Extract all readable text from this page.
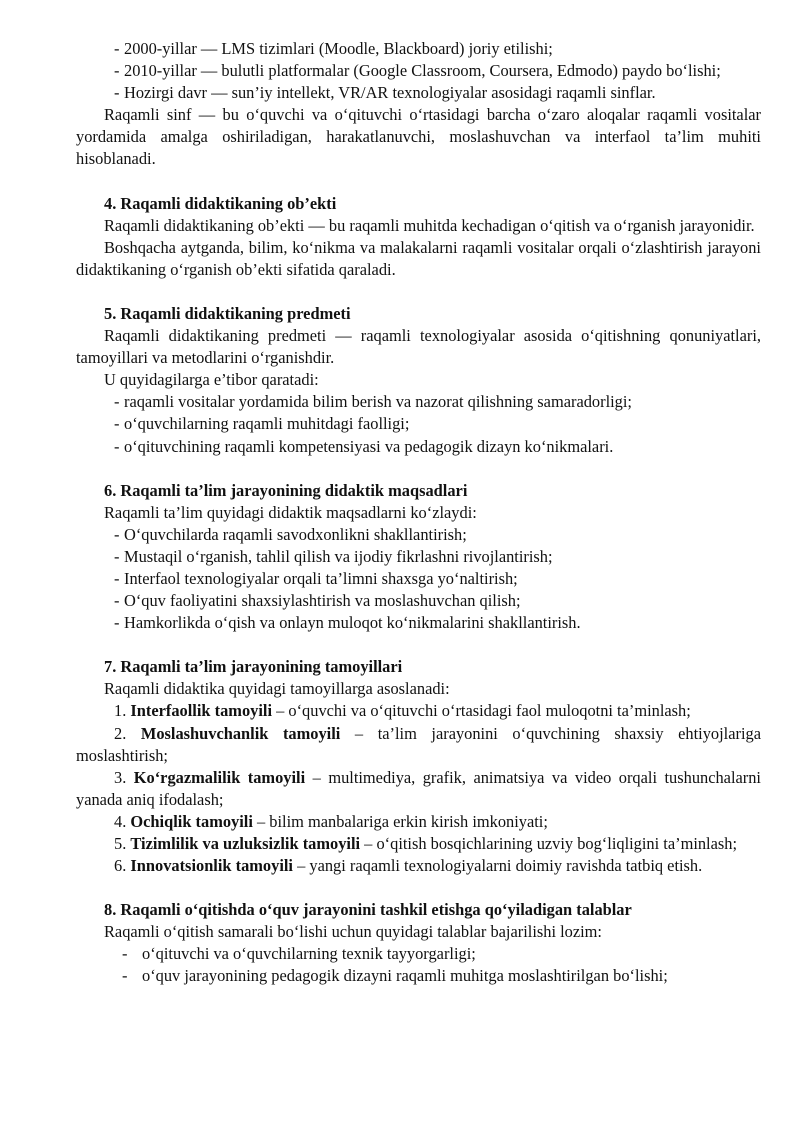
- 2000-yillar — LMS tizimlari (Moodle, Blackboard) joriy etilishi;

- 2010-yillar — bulutli platformalar (Google Classroom, Coursera, Edmodo) paydo bo‘lishi;

- Hozirgi davr — sun’iy intellekt, VR/AR texnologiyalar asosidagi raqamli sinflar.

Raqamli sinf — bu o‘quvchi va o‘qituvchi o‘rtasidagi barcha o‘zaro aloqalar raqamli vositalar yordamida amalga oshiriladigan, harakatlanuvchi, moslashuvchan va interfaol ta’lim muhiti hisoblanadi.

4. Raqamli didaktikaning ob’ekti

Raqamli didaktikaning ob’ekti — bu raqamli muhitda kechadigan o‘qitish va o‘rganish jarayonidir.

Boshqacha aytganda, bilim, ko‘nikma va malakalarni raqamli vositalar orqali o‘zlashtirish jarayoni didaktikaning o‘rganish ob’ekti sifatida qaraladi.

5. Raqamli didaktikaning predmeti

Raqamli didaktikaning predmeti — raqamli texnologiyalar asosida o‘qitishning qonuniyatlari, tamoyillari va metodlarini o‘rganishdir.

U quyidagilarga e’tibor qaratadi:

- raqamli vositalar yordamida bilim berish va nazorat qilishning samaradorligi;

- o‘quvchilarning raqamli muhitdagi faolligi;

- o‘qituvchining raqamli kompetensiyasi va pedagogik dizayn ko‘nikmalari.

6. Raqamli ta’lim jarayonining didaktik maqsadlari

Raqamli ta’lim quyidagi didaktik maqsadlarni ko‘zlaydi:

- O‘quvchilarda raqamli savodxonlikni shakllantirish;

- Mustaqil o‘rganish, tahlil qilish va ijodiy fikrlashni rivojlantirish;

- Interfaol texnologiyalar orqali ta’limni shaxsga yo‘naltirish;

- O‘quv faoliyatini shaxsiylashtirish va moslashuvchan qilish;

- Hamkorlikda o‘qish va onlayn muloqot ko‘nikmalarini shakllantirish.

7. Raqamli ta’lim jarayonining tamoyillari

Raqamli didaktika quyidagi tamoyillarga asoslanadi:

1. Interfaollik tamoyili – o‘quvchi va o‘qituvchi o‘rtasidagi faol muloqotni ta’minlash;

2. Moslashuvchanlik tamoyili – ta’lim jarayonini o‘quvchining shaxsiy ehtiyojlariga moslashtirish;

3. Ko‘rgazmalilik tamoyili – multimediya, grafik, animatsiya va video orqali tushunchalarni yanada aniq ifodalash;

4. Ochiqlik tamoyili – bilim manbalariga erkin kirish imkoniyati;

5. Tizimlilik va uzluksizlik tamoyili – o‘qitish bosqichlarining uzviy bog‘liqligini ta’minlash;

6. Innovatsionlik tamoyili – yangi raqamli texnologiyalarni doimiy ravishda tatbiq etish.

8. Raqamli o‘qitishda o‘quv jarayonini tashkil etishga qo‘yiladigan talablar

Raqamli o‘qitish samarali bo‘lishi uchun quyidagi talablar bajarilishi lozim:

- o‘qituvchi va o‘quvchilarning texnik tayyorgarligi;

- o‘quv jarayonining pedagogik dizayni raqamli muhitga moslashtirilgan bo‘lishi;
